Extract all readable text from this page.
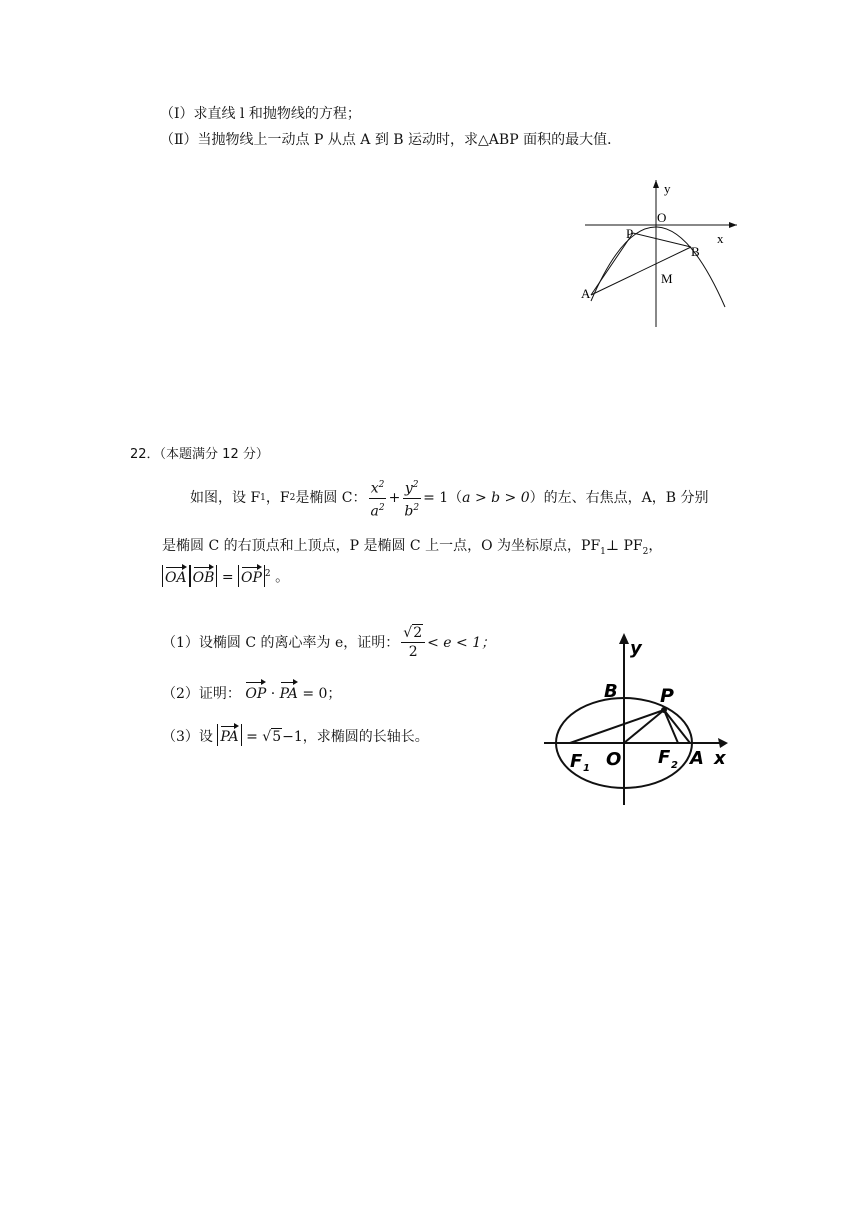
（Ⅰ）求直线 l 和抛物线的方程；
（Ⅱ）当抛物线上一动点 P 从点 A 到 B 运动时，求△ABP 面积的最大值．
y
O
x
P
B
M
A
22．（本题满分 12 分）
如图，设 F 1 ，F 2 是椭圆 C： $\frac{x^2}{a^2} + \frac{y^2}{b^2} = 1$（ a > b > 0 ）的左、右焦点，A，B 分别
是椭圆 C 的右顶点和上顶点，P 是椭圆 C 上一点，O 为坐标原点，$PF_1\perp$ $PF_2$，
OA OB = OP $^2$ 。
（1）设椭圆 C 的离心率为 e，证明： $\frac{√2}{2} < e < 1$；
（2）证明： OP · PA = 0；
（3）设 PA = √5−1，求椭圆的长轴长。
y
B P
F 1 O F 2 A x
